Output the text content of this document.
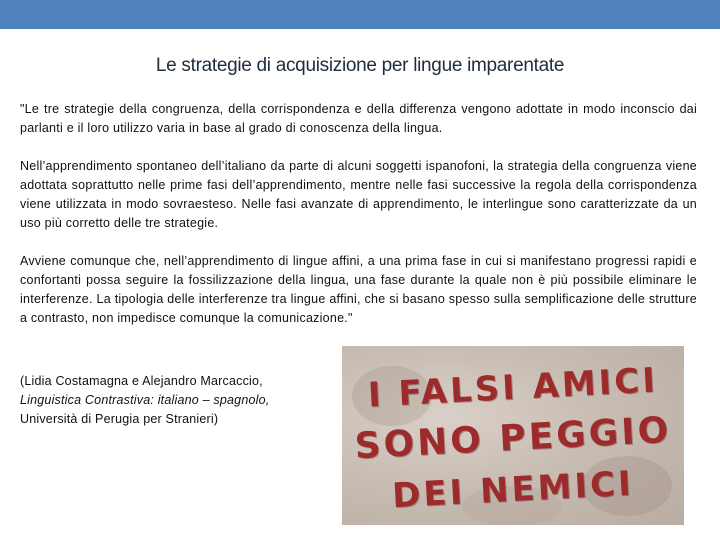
Le strategie di acquisizione per lingue imparentate

"Le tre strategie della congruenza, della corrispondenza e della differenza vengono adottate in modo inconscio dai parlanti e il loro utilizzo varia in base al grado di conoscenza della lingua.

Nell’apprendimento spontaneo dell’italiano da parte di alcuni soggetti ispanofoni, la strategia della congruenza viene adottata soprattutto nelle prime fasi dell’apprendimento, mentre nelle fasi successive la regola della corrispondenza viene utilizzata in modo sovraesteso. Nelle fasi avanzate di apprendimento, le interlingue sono caratterizzate da un uso più corretto delle tre strategie.

Avviene comunque che, nell’apprendimento di lingue affini, a una prima fase in cui si manifestano progressi rapidi e confortanti possa seguire la fossilizzazione della lingua, una fase durante la quale non è più possibile eliminare le interferenze. La tipologia delle interferenze tra lingue affini, che si basano spesso sulla semplificazione delle strutture a contrasto, non impedisce comunque la comunicazione."

(Lidia Costamagna e Alejandro Marcaccio,
Linguistica Contrastiva: italiano – spagnolo,
Università di Perugia per Stranieri)
I FALSI AMICI
SONO PEGGIO
DEI NEMICI
